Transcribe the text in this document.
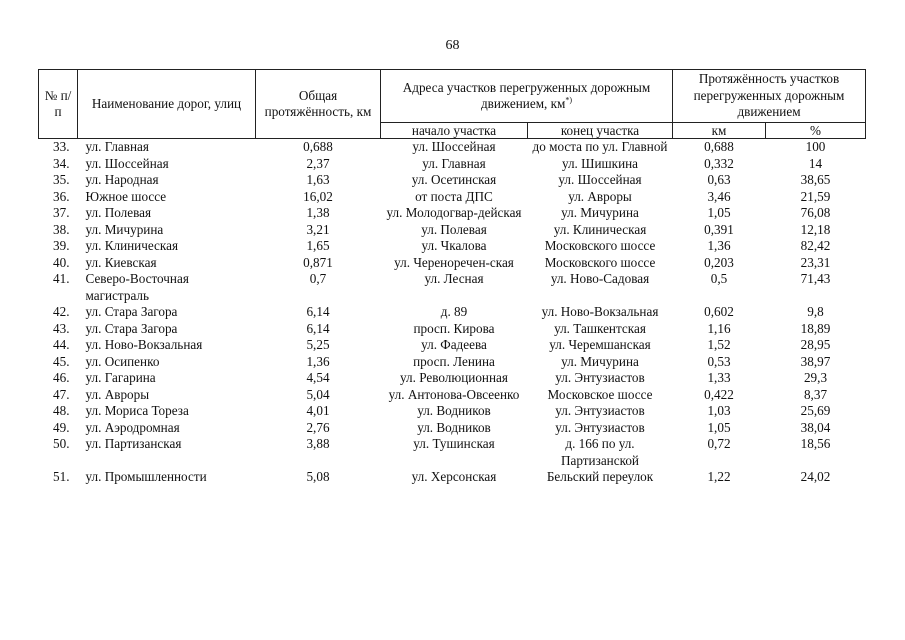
68
№ п/п	Наименование дорог, улиц	Общая протяжённость, км	Адреса участков перегруженных дорожным движением, км*)		Протяжённость участков перегруженных дорожным движением	
			начало участка	конец участка	км	%
33.	ул. Главная	0,688	ул. Шоссейная	до моста по ул. Главной	0,688	100
34.	ул. Шоссейная	2,37	ул. Главная	ул. Шишкина	0,332	14
35.	ул. Народная	1,63	ул. Осетинская	ул. Шоссейная	0,63	38,65
36.	Южное шоссе	16,02	от поста ДПС	ул. Авроры	3,46	21,59
37.	ул. Полевая	1,38	ул. Молодогвар-дейская	ул. Мичурина	1,05	76,08
38.	ул. Мичурина	3,21	ул. Полевая	ул. Клиническая	0,391	12,18
39.	ул. Клиническая	1,65	ул. Чкалова	Московского шоссе	1,36	82,42
40.	ул. Киевская	0,871	ул. Череноречен-ская	Московского шоссе	0,203	23,31
41.	Северо-Восточная магистраль	0,7	ул. Лесная	ул. Ново-Садовая	0,5	71,43
42.	ул. Стара Загора	6,14	д. 89	ул. Ново-Вокзальная	0,602	9,8
43.	ул. Стара Загора	6,14	просп. Кирова	ул. Ташкентская	1,16	18,89
44.	ул. Ново-Вокзальная	5,25	ул. Фадеева	ул. Черемшанская	1,52	28,95
45.	ул. Осипенко	1,36	просп. Ленина	ул. Мичурина	0,53	38,97
46.	ул. Гагарина	4,54	ул. Революционная	ул. Энтузиастов	1,33	29,3
47.	ул. Авроры	5,04	ул. Антонова-Овсеенко	Московское шоссе	0,422	8,37
48.	ул. Мориса Тореза	4,01	ул. Водников	ул. Энтузиастов	1,03	25,69
49.	ул. Аэродромная	2,76	ул. Водников	ул. Энтузиастов	1,05	38,04
50.	ул. Партизанская	3,88	ул. Тушинская	д. 166 по ул. Партизанской	0,72	18,56
51.	ул. Промышленности	5,08	ул. Херсонская	Бельский переулок	1,22	24,02
